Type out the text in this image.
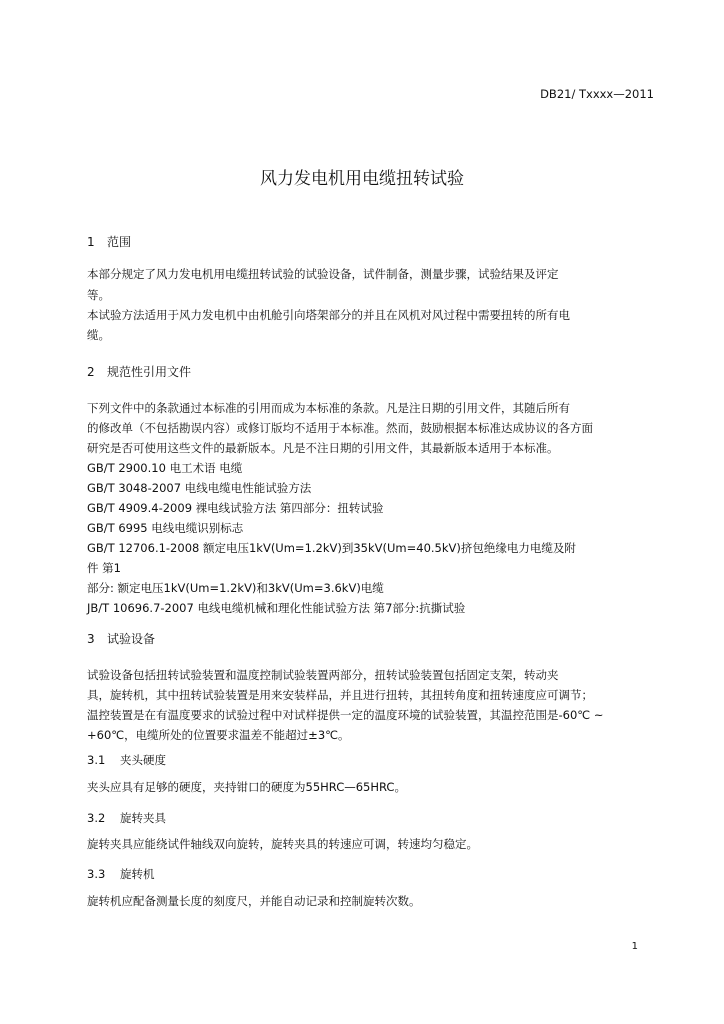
DB21/ Txxxx—2011
风力发电机用电缆扭转试验
1 范围
本部分规定了风力发电机用电缆扭转试验的试验设备，试件制备，测量步骤，试验结果及评定
等。
本试验方法适用于风力发电机中由机舱引向塔架部分的并且在风机对风过程中需要扭转的所有电
缆。
2 规范性引用文件
下列文件中的条款通过本标准的引用而成为本标准的条款。凡是注日期的引用文件，其随后所有
的修改单（不包括勘误内容）或修订版均不适用于本标准。然而，鼓励根据本标准达成协议的各方面
研究是否可使用这些文件的最新版本。凡是不注日期的引用文件，其最新版本适用于本标准。
GB/T 2900.10 电工术语 电缆
GB/T 3048-2007 电线电缆电性能试验方法
GB/T 4909.4-2009 裸电线试验方法 第四部分：扭转试验
GB/T 6995 电线电缆识别标志
GB/T 12706.1-2008 额定电压1kV(Um=1.2kV)到35kV(Um=40.5kV)挤包绝缘电力电缆及附
件 第1
部分: 额定电压1kV(Um=1.2kV)和3kV(Um=3.6kV)电缆
JB/T 10696.7-2007 电线电缆机械和理化性能试验方法 第7部分:抗撕试验
3 试验设备
试验设备包括扭转试验装置和温度控制试验装置两部分，扭转试验装置包括固定支架，转动夹
具，旋转机，其中扭转试验装置是用来安装样品，并且进行扭转，其扭转角度和扭转速度应可调节；
温控装置是在有温度要求的试验过程中对试样提供一定的温度环境的试验装置，其温控范围是-60℃ ~
+60℃，电缆所处的位置要求温差不能超过±3℃。
3.1 夹头硬度
夹头应具有足够的硬度，夹持钳口的硬度为55HRC—65HRC。
3.2 旋转夹具
旋转夹具应能绕试件轴线双向旋转，旋转夹具的转速应可调，转速均匀稳定。
3.3 旋转机
旋转机应配备测量长度的刻度尺，并能自动记录和控制旋转次数。
1
